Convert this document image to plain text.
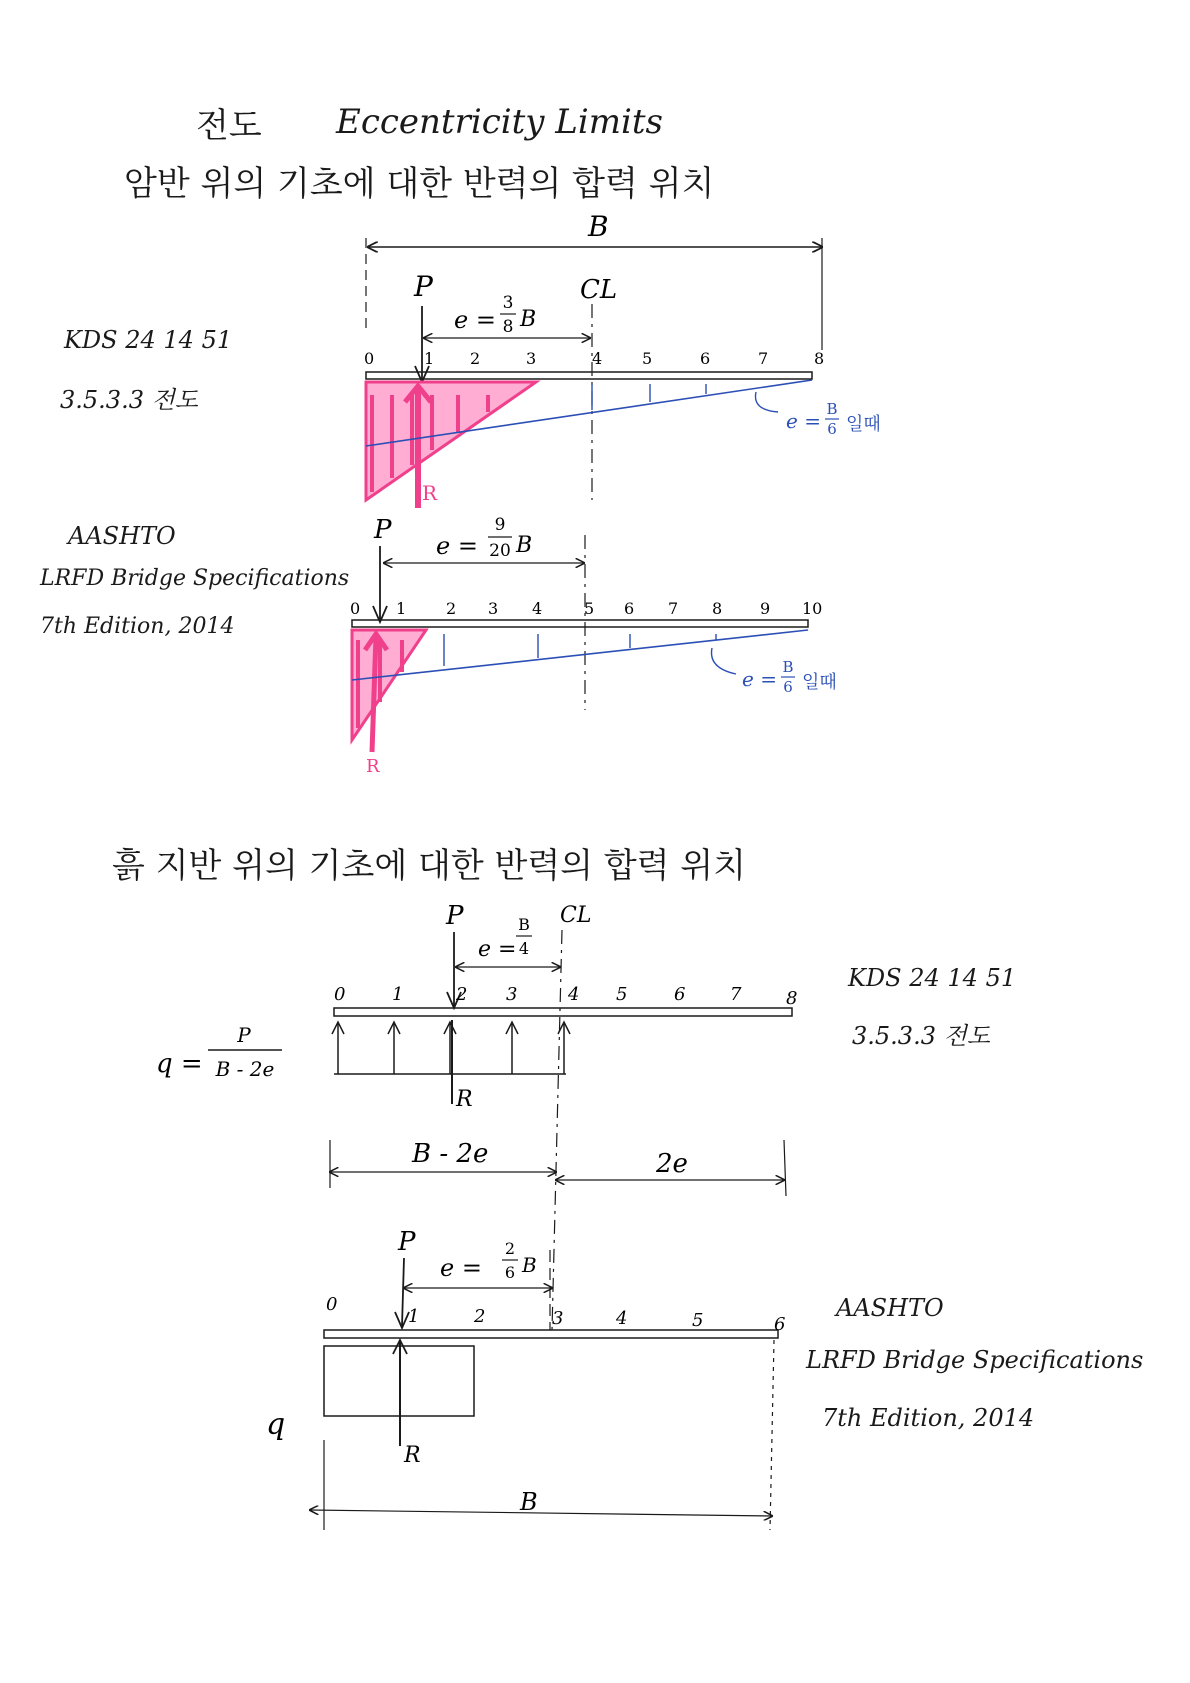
전도 Eccentricity Limits
암반 위의 기초에 대한 반력의 합력 위치
흙 지반 위의 기초에 대한 반력의 합력 위치
KDS 24 14 51
3.5.3.3 전도
AASHTO
LRFD Bridge Specifications
7th Edition, 2014
KDS 24 14 51
3.5.3.3 전도
AASHTO
LRFD Bridge Specifications
7th Edition, 2014
B
P	CL
e =
3
8 B
R
e = B
6 일때
0	1 2	3	4 5	6	7	8
P
e =
9
20 B
R
e = B
6 일때
0 1 2 3 4	5 6 7 8 9 10
P	CL
e =
B
4
R
q =
P
B - 2e
B - 2e	2e
0	1	2 3	4 5	6 7 8
P
e =
2
6 B
R
q
B
0
1	2	3	4	5	6
